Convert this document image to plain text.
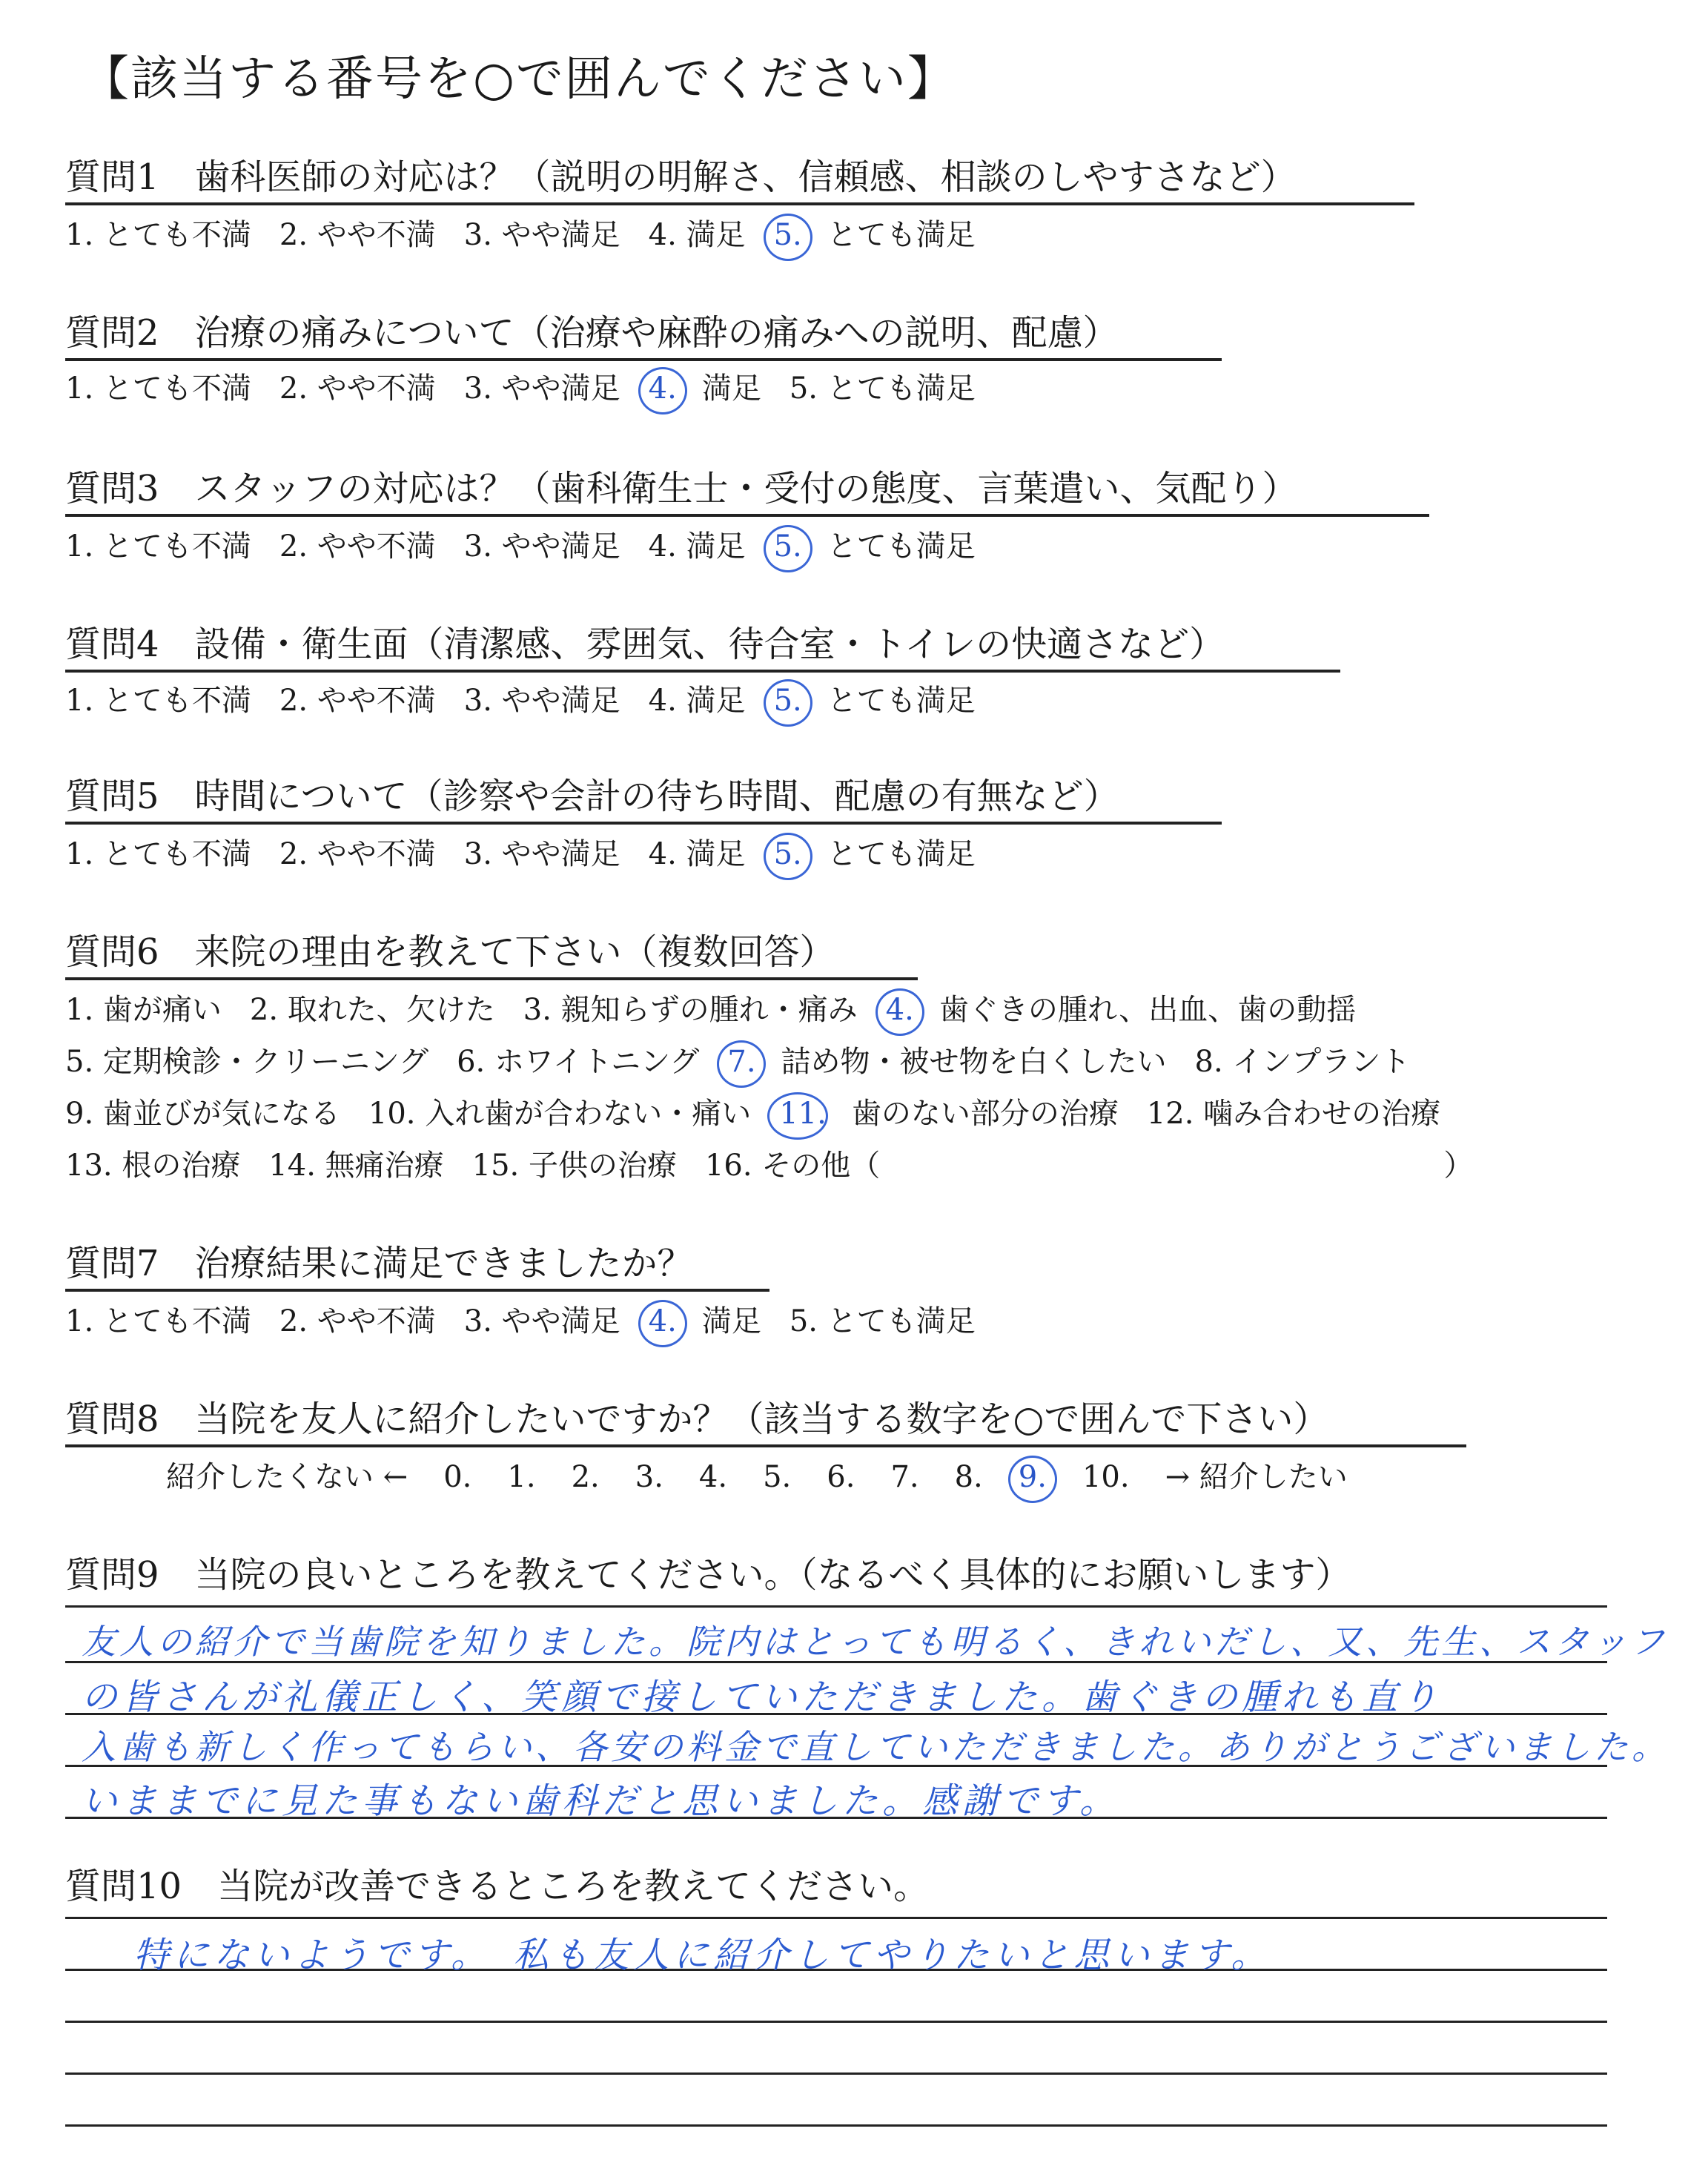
【該当する番号を○で囲んでください】
質問1　歯科医師の対応は？（説明の明解さ、信頼感、相談のしやすさなど）
1. とても不満 2. やや不満 3. やや満足 4. 満足 5. とても満足
質問2　治療の痛みについて（治療や麻酔の痛みへの説明、配慮）
1. とても不満 2. やや不満 3. やや満足 4. 満足 5. とても満足
質問3　スタッフの対応は？（歯科衛生士・受付の態度、言葉遣い、気配り）
1. とても不満 2. やや不満 3. やや満足 4. 満足 5. とても満足
質問4　設備・衛生面（清潔感、雰囲気、待合室・トイレの快適さなど）
1. とても不満 2. やや不満 3. やや満足 4. 満足 5. とても満足
質問5　時間について（診察や会計の待ち時間、配慮の有無など）
1. とても不満 2. やや不満 3. やや満足 4. 満足 5. とても満足
質問6　来院の理由を教えて下さい（複数回答）
1. 歯が痛い 2. 取れた、欠けた 3. 親知らずの腫れ・痛み 4. 歯ぐきの腫れ、出血、歯の動揺
5. 定期検診・クリーニング 6. ホワイトニング 7. 詰め物・被せ物を白くしたい 8. インプラント
9. 歯並びが気になる 10. 入れ歯が合わない・痛い 11. 歯のない部分の治療 12. 噛み合わせの治療
13. 根の治療 14. 無痛治療 15. 子供の治療 16. その他（	）
質問7　治療結果に満足できましたか？
1. とても不満 2. やや不満 3. やや満足 4. 満足 5. とても満足
質問8　当院を友人に紹介したいですか？（該当する数字を○で囲んで下さい）
紹介したくない ← 0. 1. 2. 3. 4. 5. 6. 7. 8. 9. 10. → 紹介したい
質問9　当院の良いところを教えてください。（なるべく具体的にお願いします）
友人の紹介で当歯院を知りました。院内はとっても明るく、きれいだし、又、先生、スタッフ
の皆さんが礼儀正しく、笑顔で接していただきました。歯ぐきの腫れも直り
入歯も新しく作ってもらい、各安の料金で直していただきました。ありがとうございました。
いままでに見た事もない歯科だと思いました。感謝です。
質問10　当院が改善できるところを教えてください。
特にないようです。　私も友人に紹介してやりたいと思います。
